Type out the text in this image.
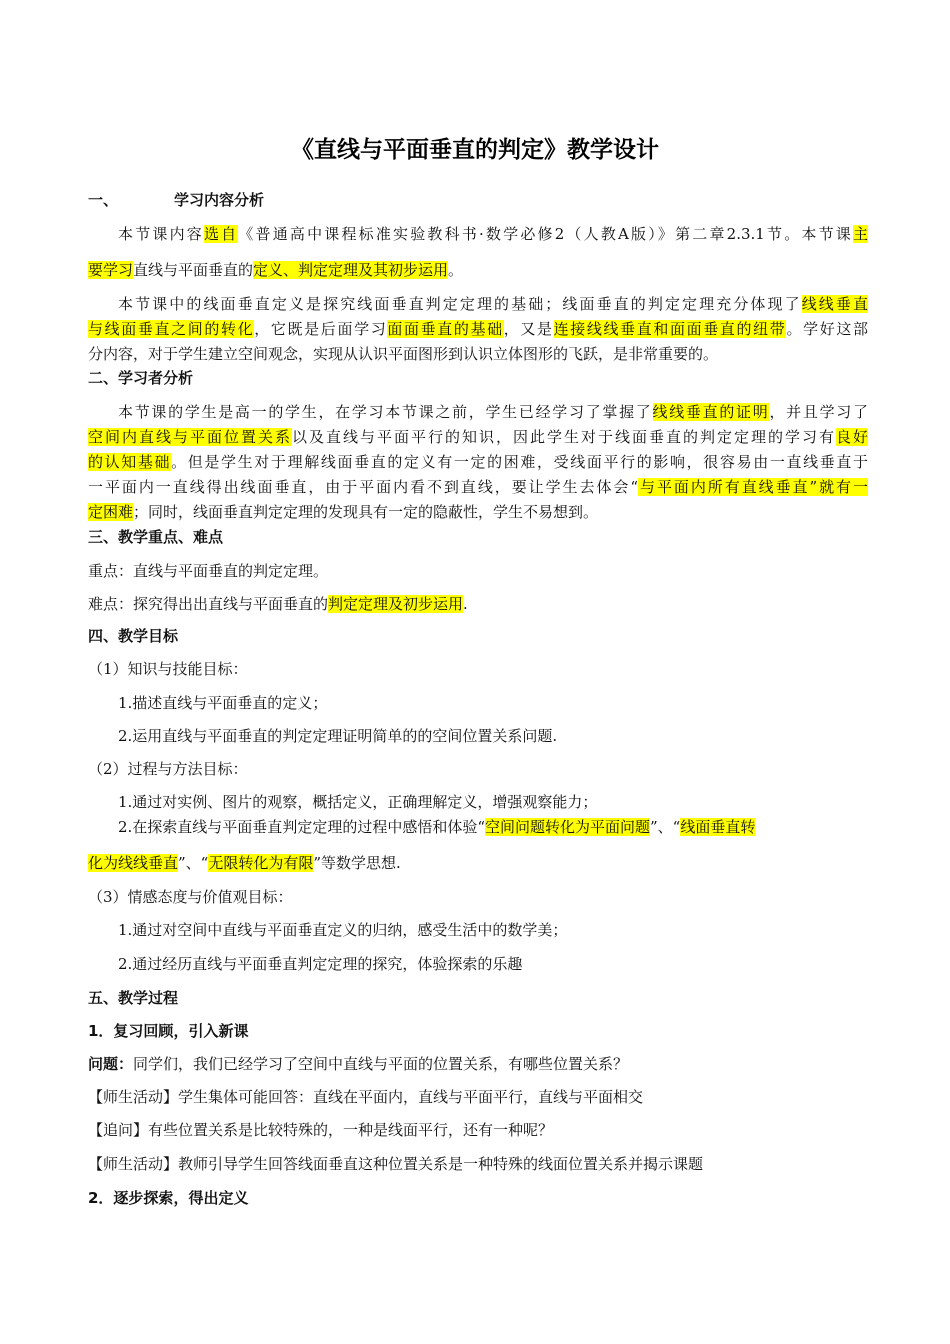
《直线与平面垂直的判定》教学设计
一、	学习内容分析
本节课内容选自《普通高中课程标准实验教科书·数学必修2（人教A版）》第二章2.3.1节。本节课主
要学习直线与平面垂直的定义、判定定理及其初步运用。
本节课中的线面垂直定义是探究线面垂直判定定理的基础；线面垂直的判定定理充分体现了线线垂直
与线面垂直之间的转化，它既是后面学习面面垂直的基础，又是连接线线垂直和面面垂直的纽带。学好这部
分内容，对于学生建立空间观念，实现从认识平面图形到认识立体图形的飞跃，是非常重要的。
二、学习者分析
本节课的学生是高一的学生，在学习本节课之前，学生已经学习了掌握了线线垂直的证明，并且学习了
空间内直线与平面位置关系以及直线与平面平行的知识，因此学生对于线面垂直的判定定理的学习有良好
的认知基础。但是学生对于理解线面垂直的定义有一定的困难，受线面平行的影响，很容易由一直线垂直于
一平面内一直线得出线面垂直，由于平面内看不到直线，要让学生去体会“与平面内所有直线垂直”就有一
定困难；同时，线面垂直判定定理的发现具有一定的隐蔽性，学生不易想到。
三、教学重点、难点
重点：直线与平面垂直的判定定理。
难点：探究得出出直线与平面垂直的判定定理及初步运用.
四、教学目标
（1）知识与技能目标：
1.描述直线与平面垂直的定义；
2.运用直线与平面垂直的判定定理证明简单的的空间位置关系问题.
（2）过程与方法目标：
1.通过对实例、图片的观察，概括定义，正确理解定义，增强观察能力；
2.在探索直线与平面垂直判定定理的过程中感悟和体验“空间问题转化为平面问题”、“线面垂直转
化为线线垂直”、“无限转化为有限”等数学思想.
（3）情感态度与价值观目标：
1.通过对空间中直线与平面垂直定义的归纳，感受生活中的数学美；
2.通过经历直线与平面垂直判定定理的探究，体验探索的乐趣
五、教学过程
1．复习回顾，引入新课
问题：同学们，我们已经学习了空间中直线与平面的位置关系，有哪些位置关系？
【师生活动】学生集体可能回答：直线在平面内，直线与平面平行，直线与平面相交
【追问】有些位置关系是比较特殊的，一种是线面平行，还有一种呢？
【师生活动】教师引导学生回答线面垂直这种位置关系是一种特殊的线面位置关系并揭示课题
2．逐步探索，得出定义
